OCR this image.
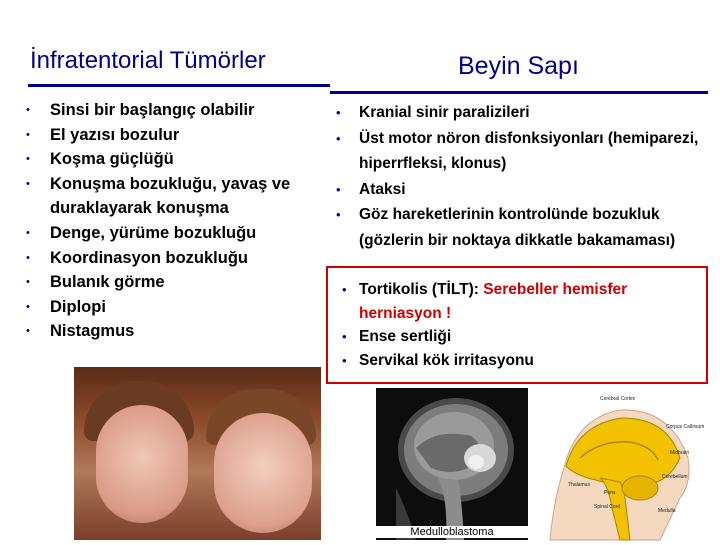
İnfratentorial Tümörler
• Sinsi bir başlangıç olabilir
• El yazısı bozulur
• Koşma güçlüğü
• Konuşma bozukluğu, yavaş ve duraklayarak konuşma
• Denge, yürüme bozukluğu
• Koordinasyon bozukluğu
• Bulanık görme
• Diplopi
• Nistagmus
Beyin Sapı
• Kranial sinir paralizileri
• Üst motor nöron disfonksiyonları (hemiparezi, hiperrfleksi, klonus)
• Ataksi
• Göz hareketlerinin kontrolünde bozukluk (gözlerin bir noktaya dikkatle bakamaması)
• Tortikolis (TİLT): Serebeller hemisfer herniasyon !
• Ense sertliği
• Servikal kök irritasyonu
Medulloblastoma
Cerebral Cortex
Corpus Callosum
Midbrain
Thalamus
Pons
Spinal Cord
Medulla
Cerebellum
